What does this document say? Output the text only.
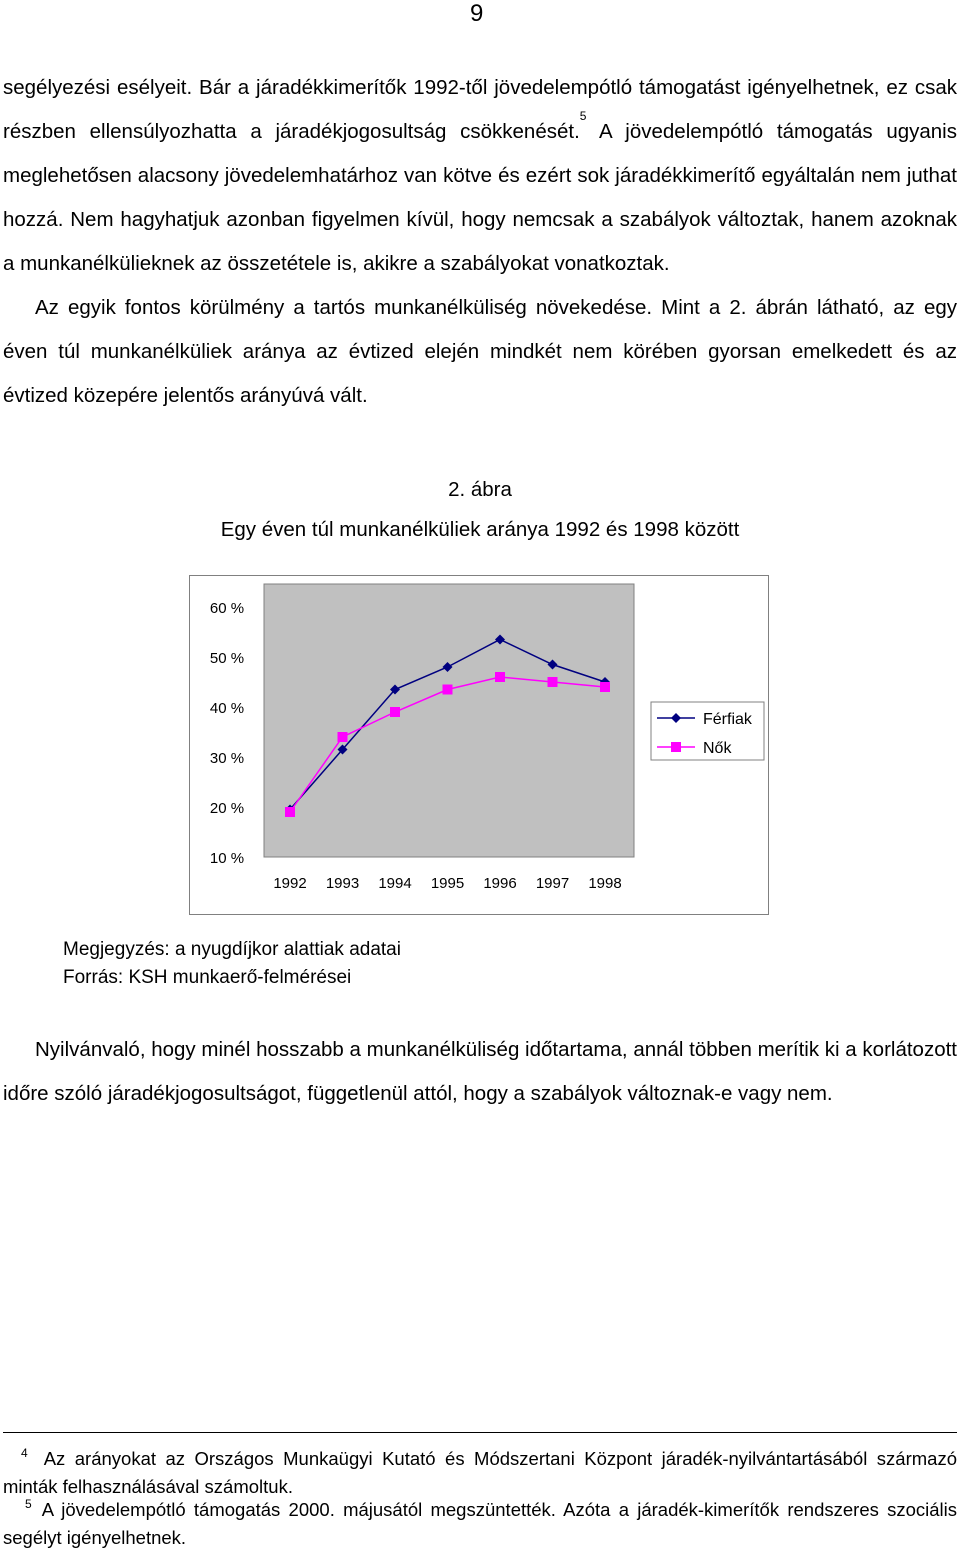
9

segélyezési esélyeit. Bár a járadékkimerítők 1992-től jövedelempótló támogatást igényelhetnek, ez csak részben ellensúlyozhatta a járadékjogosultság csökkenését.$^5$ A jövedelempótló támogatás ugyanis meglehetősen alacsony jövedelemhatárhoz van kötve és ezért sok járadékkimerítő egyáltalán nem juthat hozzá. Nem hagyhatjuk azonban figyelmen kívül, hogy nemcsak a szabályok változtak, hanem azoknak a munkanélkülieknek az összetétele is, akikre a szabályokat vonatkoztak.

Az egyik fontos körülmény a tartós munkanélküliség növekedése. Mint a 2. ábrán látható, az egy éven túl munkanélküliek aránya az évtized elején mindkét nem körében gyorsan emelkedett és az évtized közepére jelentős arányúvá vált.

2. ábra
Egy éven túl munkanélküliek aránya 1992 és 1998 között
60 %
50 %
40 %
30 %
20 %
10 %
1992 1993 1994 1995 1996 1997 1998
Férfiak
Nők
Megjegyzés: a nyugdíjkor alattiak adatai
Forrás: KSH munkaerő-felmérései

Nyilvánvaló, hogy minél hosszabb a munkanélküliség időtartama, annál többen merítik ki a korlátozott időre szóló járadékjogosultságot, függetlenül attól, hogy a szabályok változnak-e vagy nem.

$^4$ Az arányokat az Országos Munkaügyi Kutató és Módszertani Központ járadék-nyilvántartásából származó minták felhasználásával számoltuk.

$^5$ A jövedelempótló támogatás 2000. májusától megszüntették. Azóta a járadék-kimerítők rendszeres szociális segélyt igényelhetnek.
